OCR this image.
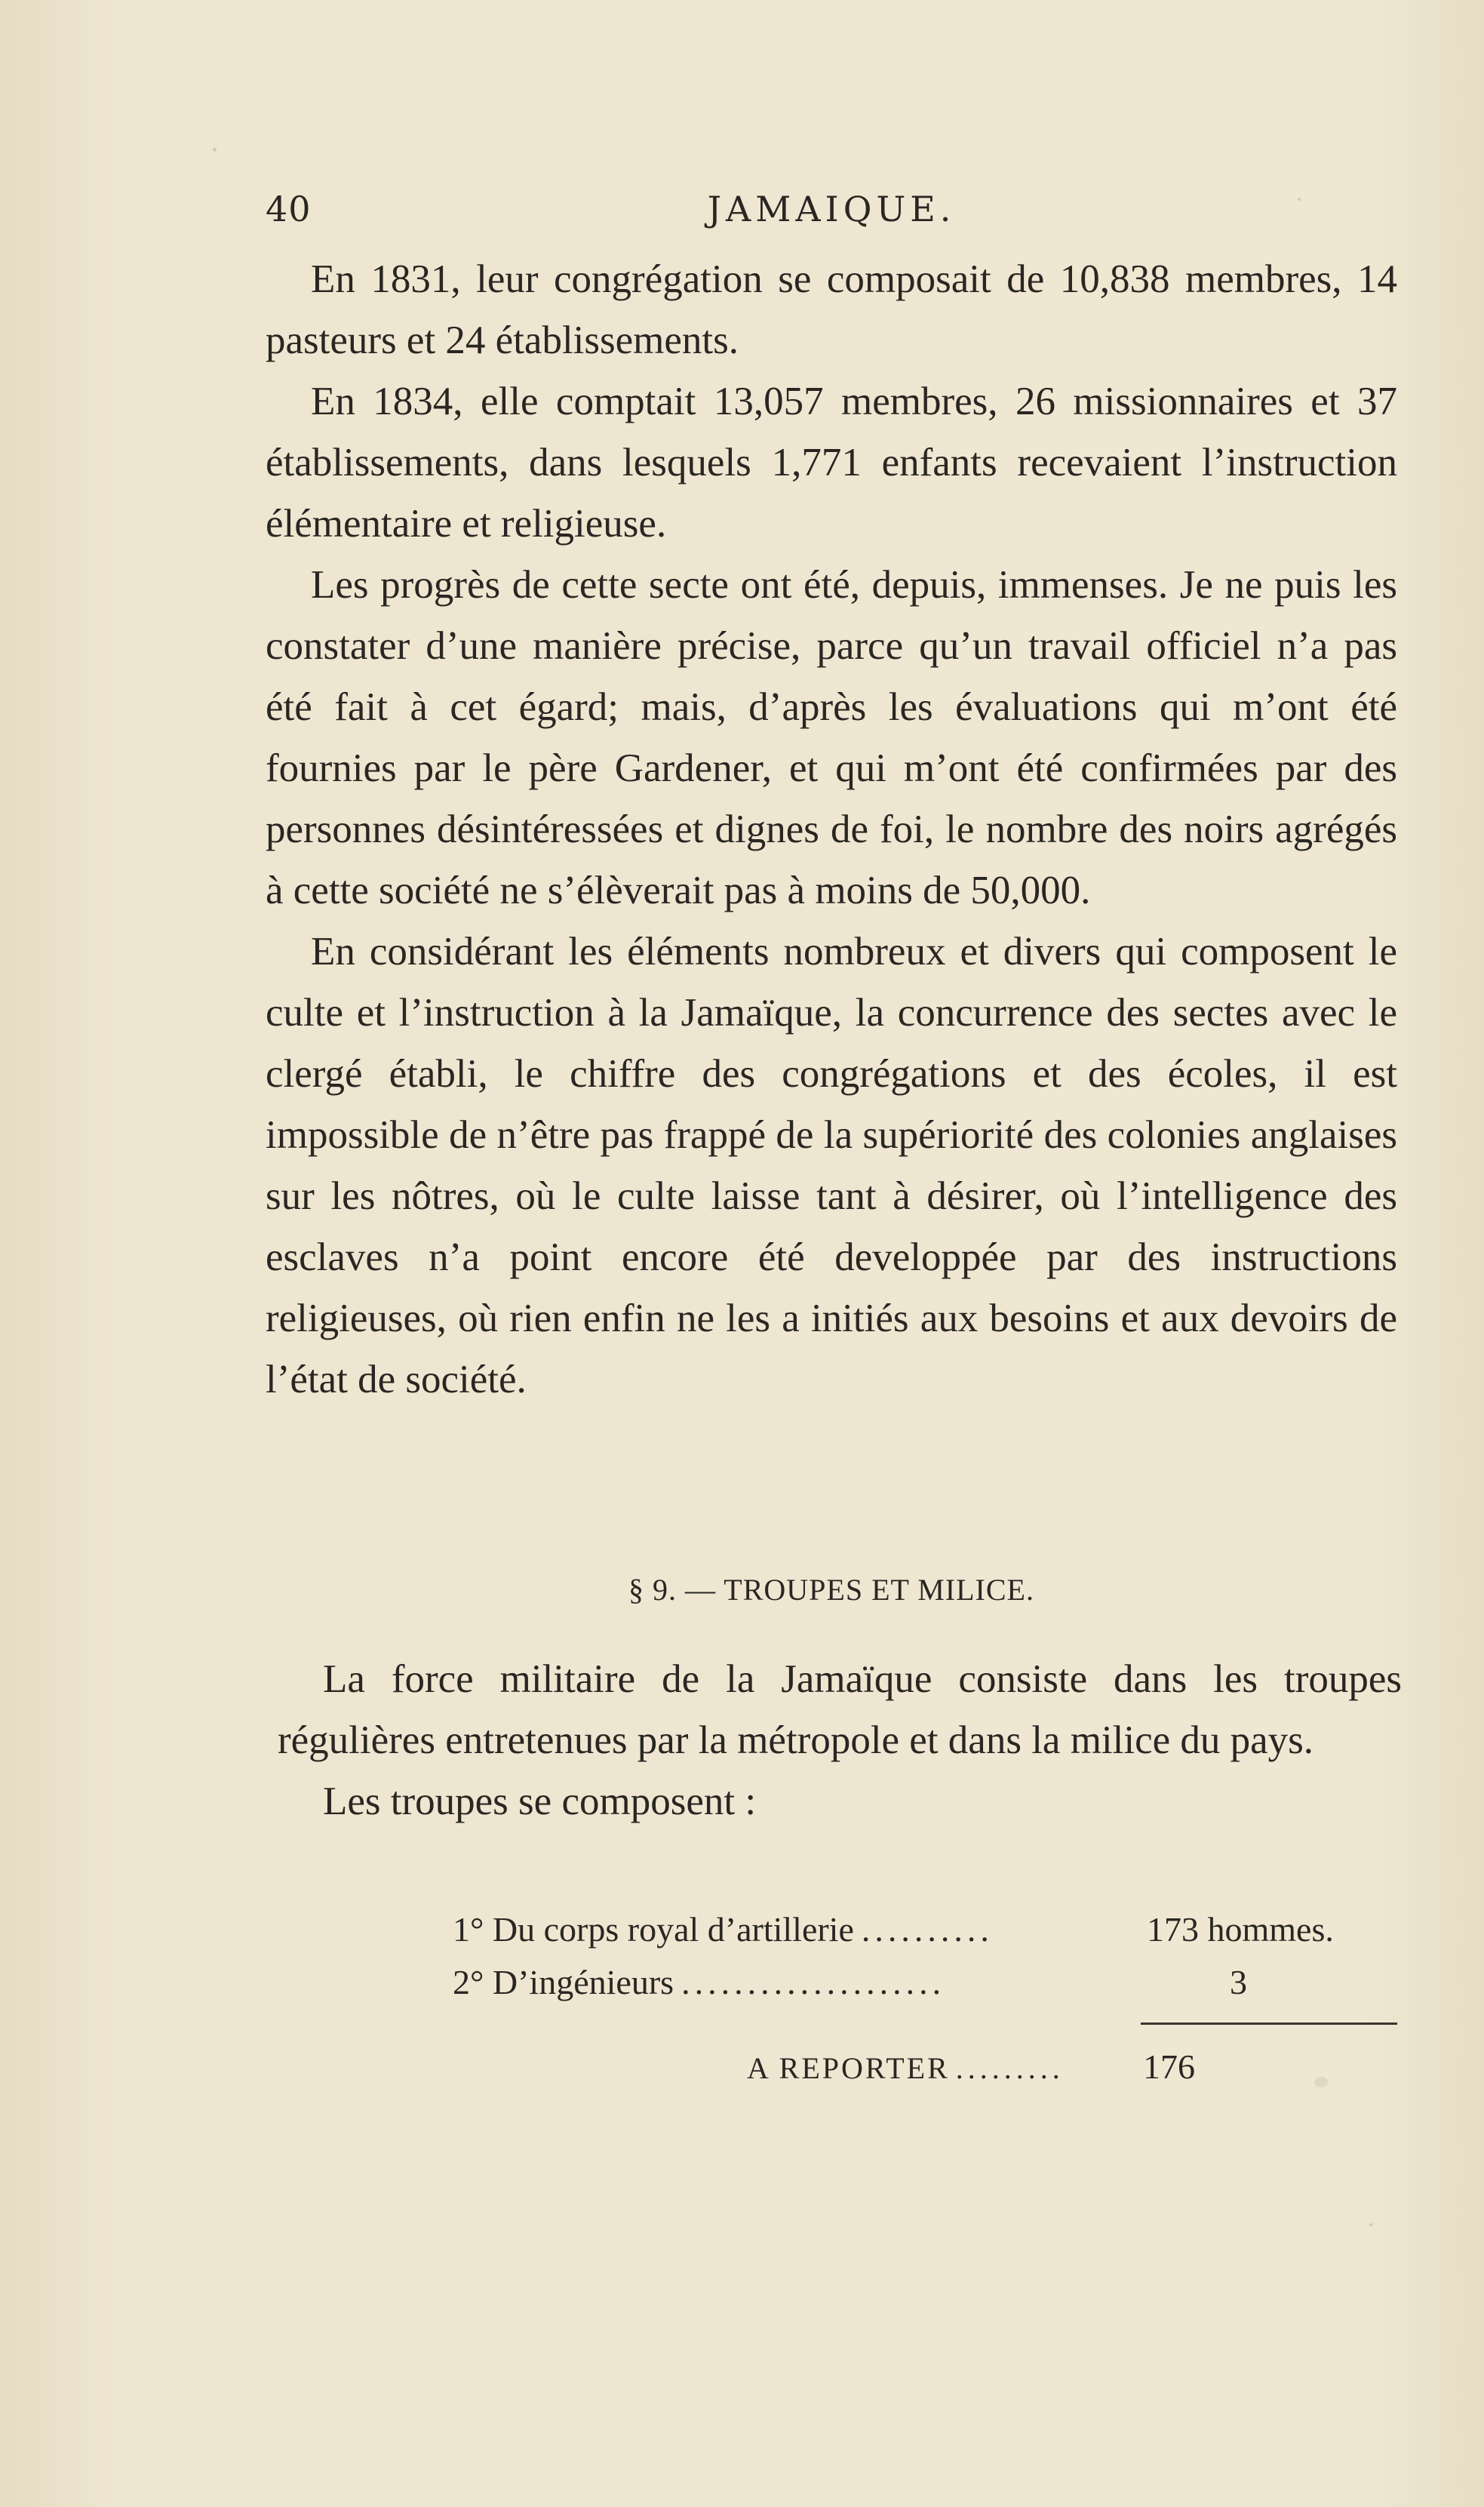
40	JAMAIQUE.

En 1831, leur congrégation se composait de 10,838 membres, 14 pasteurs et 24 établissements.

En 1834, elle comptait 13,057 membres, 26 missionnaires et 37 établissements, dans lesquels 1,771 enfants recevaient l’instruction élémentaire et religieuse.

Les progrès de cette secte ont été, depuis, immenses. Je ne puis les constater d’une manière précise, parce qu’un travail officiel n’a pas été fait à cet égard; mais, d’après les évaluations qui m’ont été fournies par le père Gardener, et qui m’ont été confirmées par des personnes désintéressées et dignes de foi, le nombre des noirs agrégés à cette société ne s’élèverait pas à moins de 50,000.

En considérant les éléments nombreux et divers qui composent le culte et l’instruction à la Jamaïque, la concurrence des sectes avec le clergé établi, le chiffre des congrégations et des écoles, il est impossible de n’être pas frappé de la supériorité des colonies anglaises sur les nôtres, où le culte laisse tant à désirer, où l’intelligence des esclaves n’a point encore été developpée par des instructions religieuses, où rien enfin ne les a initiés aux besoins et aux devoirs de l’état de société.

§ 9. — TROUPES ET MILICE.

La force militaire de la Jamaïque consiste dans les troupes régulières entretenues par la métropole et dans la milice du pays.

Les troupes se composent :

1° Du corps royal d’artillerie ..........	173 hommes.
2° D’ingénieurs ....................	3
A REPORTER .........	176
